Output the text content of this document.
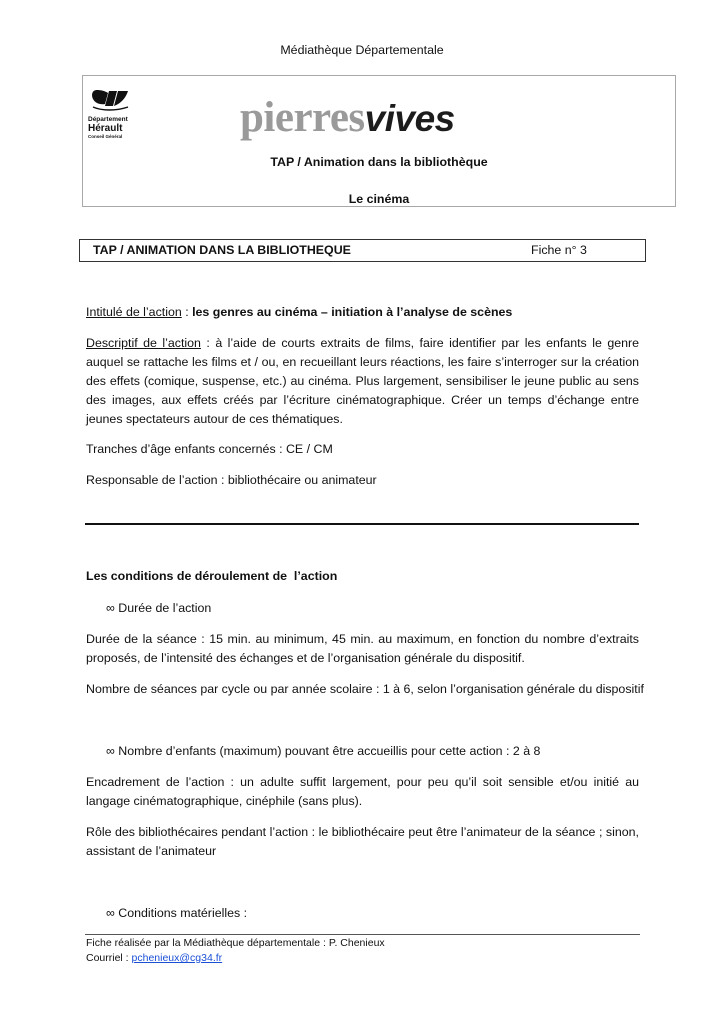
Médiathèque Départementale
Département
Hérault
Conseil Général	pierresvives
TAP / Animation dans la bibliothèque
Le cinéma
TAP / ANIMATION DANS LA BIBLIOTHEQUE	Fiche n° 3
Intitulé de l’action : les genres au cinéma – initiation à l’analyse de scènes
Descriptif de l’action : à l’aide de courts extraits de films, faire identifier par les enfants le genre
auquel se rattache les films et / ou, en recueillant leurs réactions, les faire s’interroger sur la création
des effets (comique, suspense, etc.) au cinéma. Plus largement, sensibiliser le jeune public au sens
des images, aux effets créés par l’écriture cinématographique. Créer un temps d’échange entre
jeunes spectateurs autour de ces thématiques.
Tranches d’âge enfants concernés : CE / CM
Responsable de l’action : bibliothécaire ou animateur
Les conditions de déroulement de  l’action
∞ Durée de l’action
Durée de la séance : 15 min. au minimum, 45 min. au maximum, en fonction du nombre d’extraits
proposés, de l’intensité des échanges et de l’organisation générale du dispositif.
Nombre de séances par cycle ou par année scolaire : 1 à 6, selon l’organisation générale du dispositif
∞ Nombre d’enfants (maximum) pouvant être accueillis pour cette action : 2 à 8
Encadrement de l’action : un adulte suffit largement, pour peu qu’il soit sensible et/ou initié au
langage cinématographique, cinéphile (sans plus).
Rôle des bibliothécaires pendant l’action : le bibliothécaire peut être l’animateur de la séance ; sinon,
assistant de l’animateur
∞ Conditions matérielles :
Fiche réalisée par la Médiathèque départementale : P. Chenieux
Courriel : pchenieux@cg34.fr
